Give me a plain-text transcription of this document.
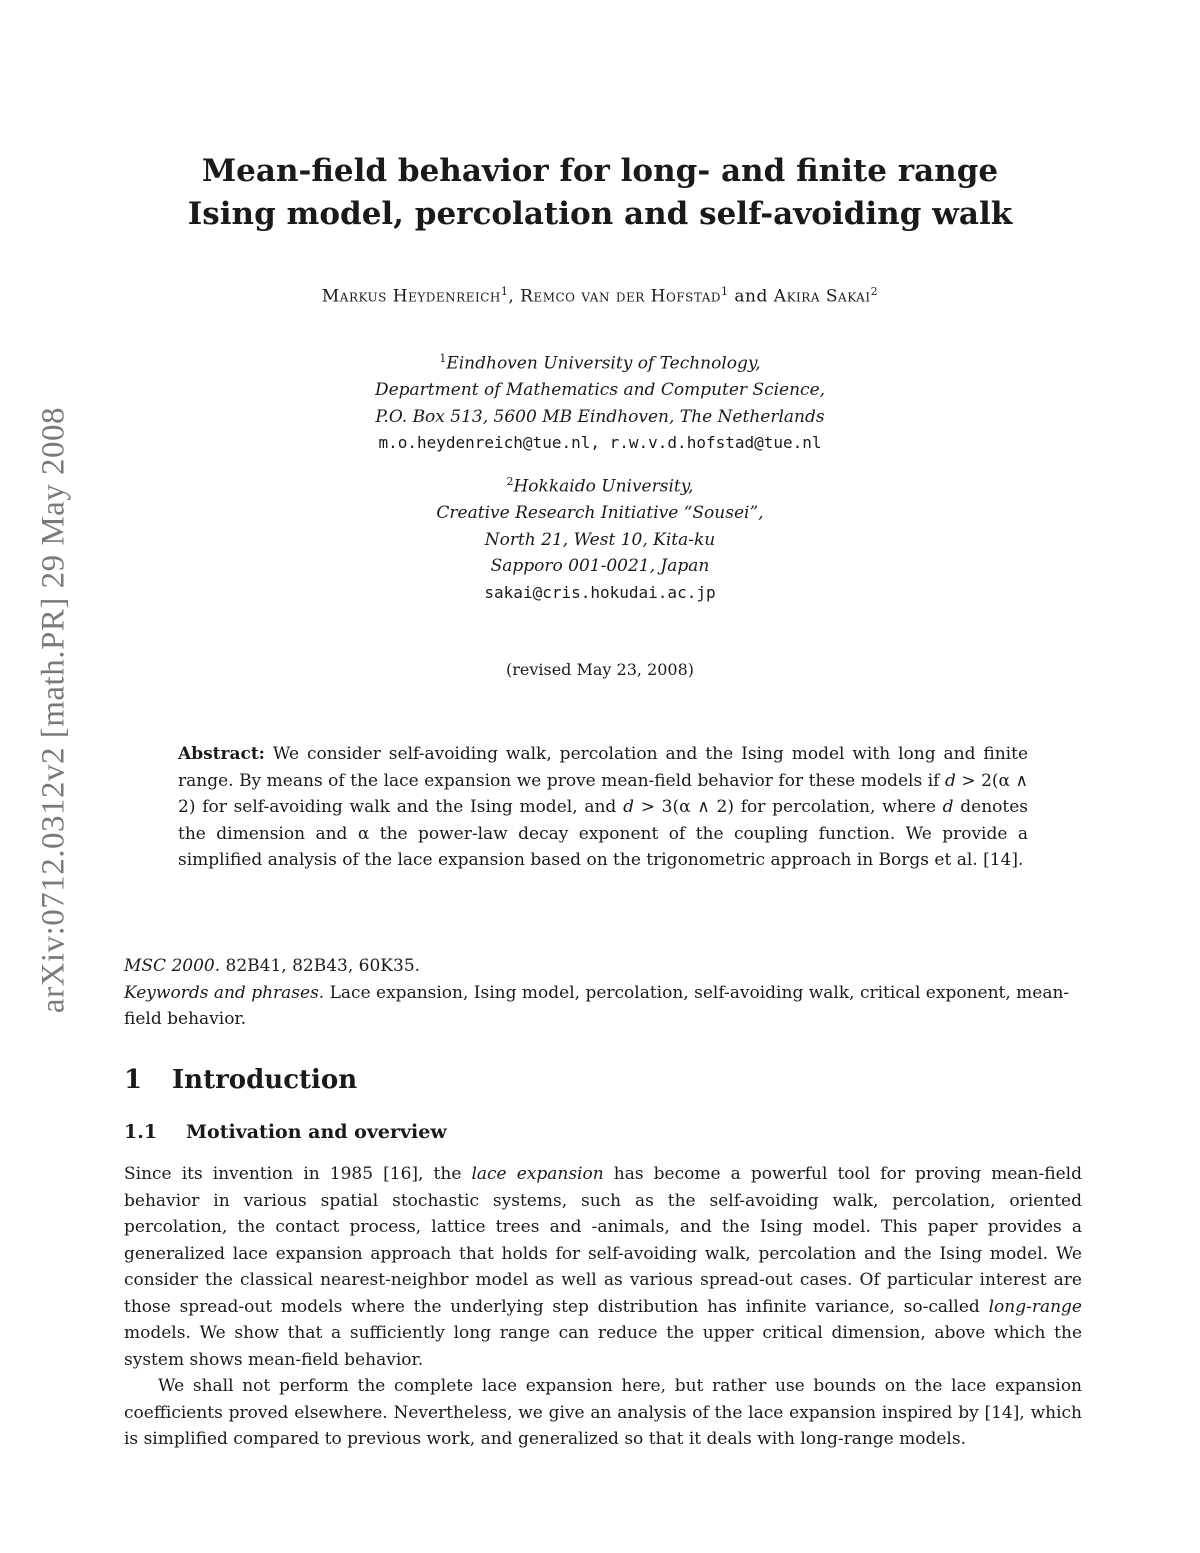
arXiv:0712.0312v2 [math.PR] 29 May 2008
Mean-field behavior for long- and finite range
Ising model, percolation and self-avoiding walk
Markus Heydenreich$^1$, Remco van der Hofstad$^1$ and Akira Sakai$^2$
$^1$Eindhoven University of Technology,
Department of Mathematics and Computer Science,
P.O. Box 513, 5600 MB Eindhoven, The Netherlands
m.o.heydenreich@tue.nl, r.w.v.d.hofstad@tue.nl
$^2$Hokkaido University,
Creative Research Initiative “Sousei”,
North 21, West 10, Kita-ku
Sapporo 001-0021, Japan
sakai@cris.hokudai.ac.jp
(revised May 23, 2008)
Abstract: We consider self-avoiding walk, percolation and the Ising model with long and finite range. By means of the lace expansion we prove mean-field behavior for these models if d > 2(α ∧ 2) for self-avoiding walk and the Ising model, and d > 3(α ∧ 2) for percolation, where d denotes the dimension and α the power-law decay exponent of the coupling function. We provide a simplified analysis of the lace expansion based on the trigonometric approach in Borgs et al. [14].
MSC 2000. 82B41, 82B43, 60K35.
Keywords and phrases. Lace expansion, Ising model, percolation, self-avoiding walk, critical exponent, mean-field behavior.
1 Introduction
1.1 Motivation and overview

Since its invention in 1985 [16], the lace expansion has become a powerful tool for proving mean-field behavior in various spatial stochastic systems, such as the self-avoiding walk, percolation, oriented percolation, the contact process, lattice trees and -animals, and the Ising model. This paper provides a generalized lace expansion approach that holds for self-avoiding walk, percolation and the Ising model. We consider the classical nearest-neighbor model as well as various spread-out cases. Of particular interest are those spread-out models where the underlying step distribution has infinite variance, so-called long-range models. We show that a sufficiently long range can reduce the upper critical dimension, above which the system shows mean-field behavior.

We shall not perform the complete lace expansion here, but rather use bounds on the lace expansion coefficients proved elsewhere. Nevertheless, we give an analysis of the lace expansion inspired by [14], which is simplified compared to previous work, and generalized so that it deals with long-range models.
